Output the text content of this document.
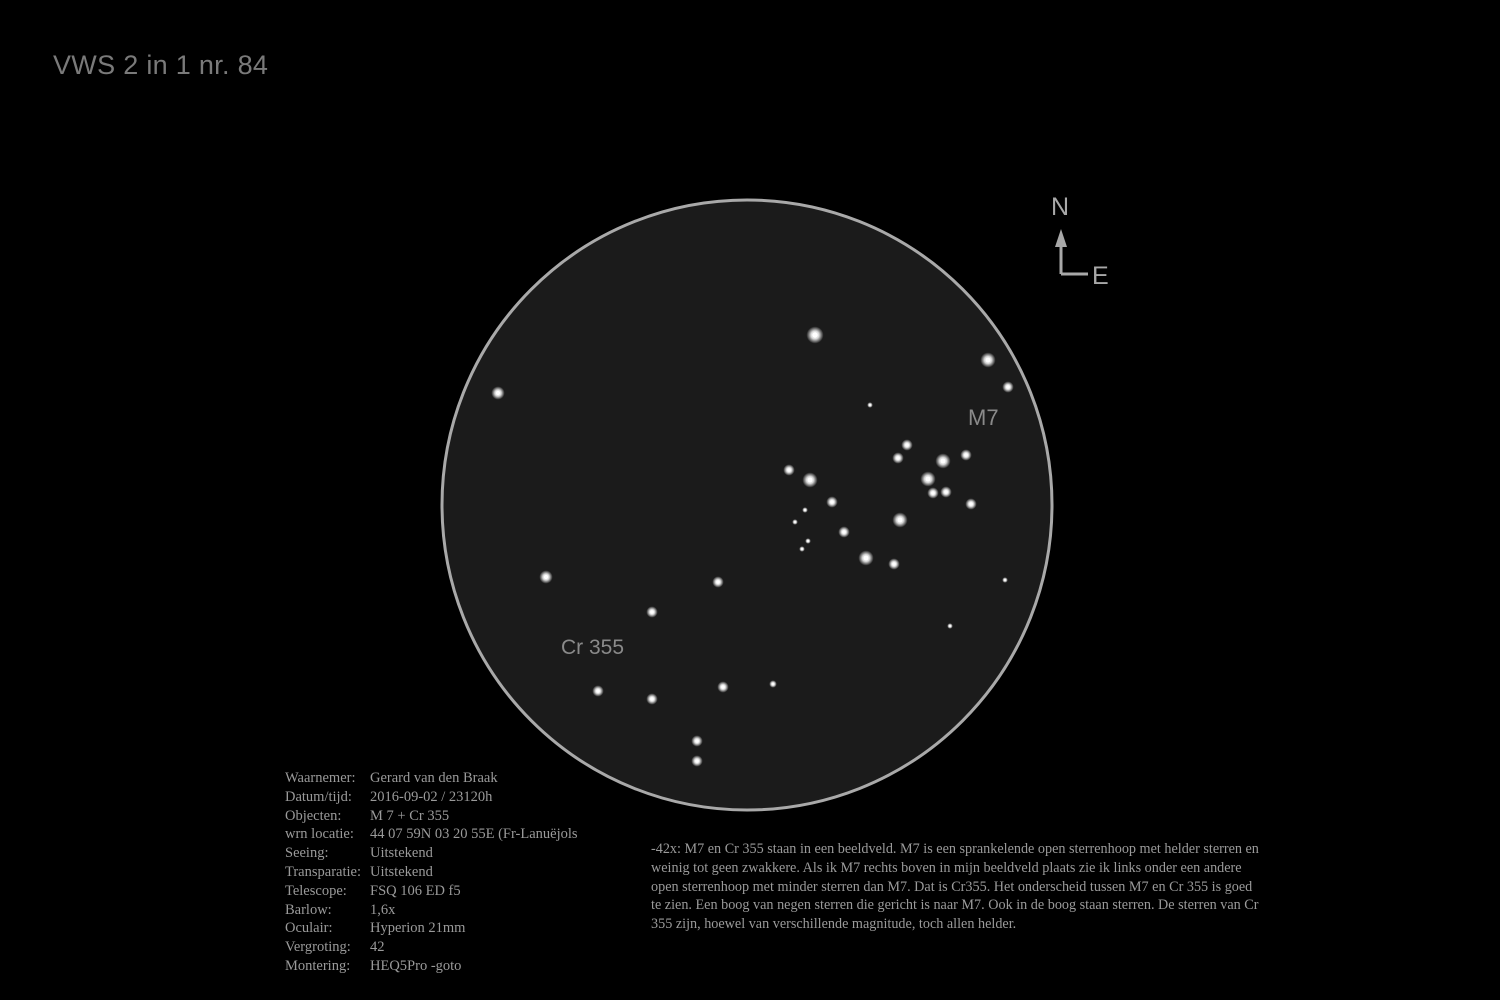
VWS 2 in 1 nr. 84
N
E
M7
Cr 355
Waarnemer:	Gerard van den Braak
Datum/tijd:	2016-09-02 / 23120h
Objecten:	M 7 + Cr 355
wrn locatie:	44 07 59N 03 20 55E (Fr-Lanuëjols
Seeing:	Uitstekend
Transparatie: Uitstekend
Telescope:	FSQ 106 ED f5
Barlow:	1,6x
Oculair:	Hyperion 21mm
Vergroting:	42
Montering:	HEQ5Pro -goto
-42x: M7 en Cr 355 staan in een beeldveld. M7 is een sprankelende open sterrenhoop met helder sterren en weinig tot geen zwakkere. Als ik M7 rechts boven in mijn beeldveld plaats zie ik links onder een andere open sterrenhoop met minder sterren dan M7. Dat is Cr355. Het onderscheid tussen M7 en Cr 355 is goed te zien. Een boog van negen sterren die gericht is naar M7. Ook in de boog staan sterren. De sterren van Cr 355 zijn, hoewel van verschillende magnitude, toch allen helder.
